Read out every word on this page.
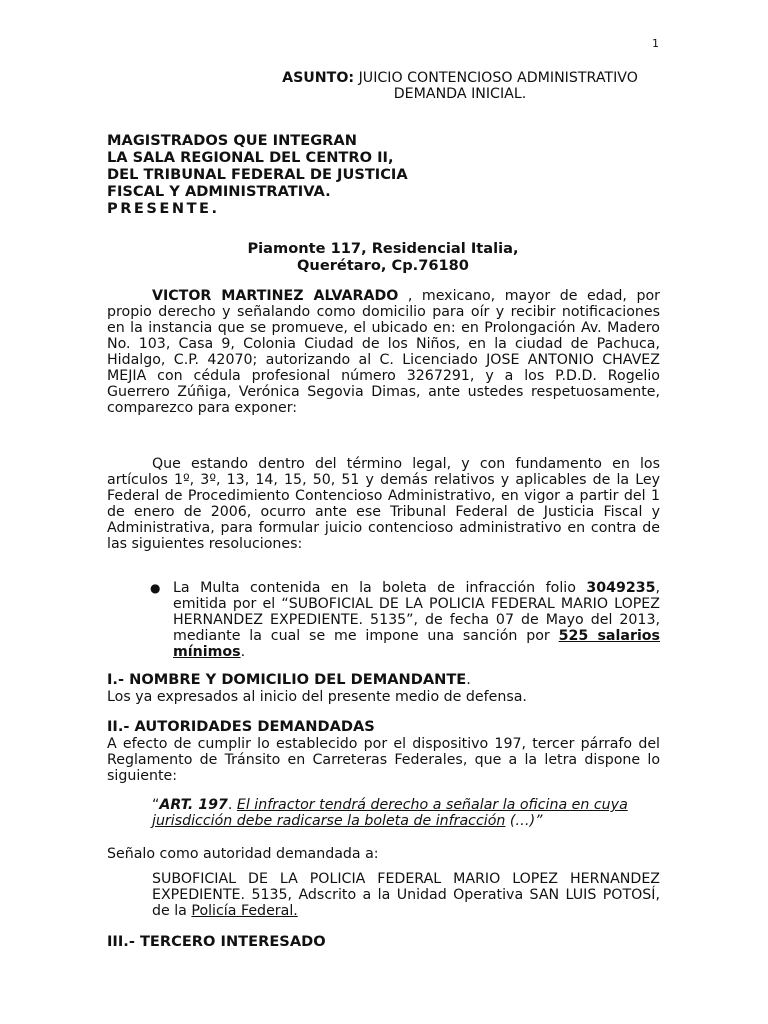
1
ASUNTO: JUICIO CONTENCIOSO ADMINISTRATIVO
DEMANDA INICIAL.
MAGISTRADOS QUE INTEGRAN
LA SALA REGIONAL DEL CENTRO II,
DEL TRIBUNAL FEDERAL DE JUSTICIA
FISCAL Y ADMINISTRATIVA.
PRESENTE.
Piamonte 117, Residencial Italia,
Querétaro, Cp.76180
VICTOR MARTINEZ ALVARADO , mexicano, mayor de edad, por propio derecho y señalando como domicilio para oír y recibir notificaciones en la instancia que se promueve, el ubicado en: en Prolongación Av. Madero No. 103, Casa 9, Colonia Ciudad de los Niños, en la ciudad de Pachuca, Hidalgo, C.P. 42070; autorizando al C. Licenciado JOSE ANTONIO CHAVEZ MEJIA con cédula profesional número 3267291, y a los P.D.D. Rogelio Guerrero Zúñiga, Verónica Segovia Dimas, ante ustedes respetuosamente, comparezco para exponer:
Que estando dentro del término legal, y con fundamento en los artículos 1º, 3º, 13, 14, 15, 50, 51 y demás relativos y aplicables de la Ley Federal de Procedimiento Contencioso Administrativo, en vigor a partir del 1 de enero de 2006, ocurro ante ese Tribunal Federal de Justicia Fiscal y Administrativa, para formular juicio contencioso administrativo en contra de las siguientes resoluciones:
● La Multa contenida en la boleta de infracción folio 3049235, emitida por el “SUBOFICIAL DE LA POLICIA FEDERAL MARIO LOPEZ HERNANDEZ EXPEDIENTE. 5135”, de fecha 07 de Mayo del 2013, mediante la cual se me impone una sanción por 525 salarios mínimos.
I.- NOMBRE Y DOMICILIO DEL DEMANDANTE.
Los ya expresados al inicio del presente medio de defensa.
II.- AUTORIDADES DEMANDADAS
A efecto de cumplir lo establecido por el dispositivo 197, tercer párrafo del Reglamento de Tránsito en Carreteras Federales, que a la letra dispone lo siguiente:
“ART. 197. El infractor tendrá derecho a señalar la oficina en cuya jurisdicción debe radicarse la boleta de infracción (…)”
Señalo como autoridad demandada a:
SUBOFICIAL DE LA POLICIA FEDERAL MARIO LOPEZ HERNANDEZ EXPEDIENTE. 5135, Adscrito a la Unidad Operativa SAN LUIS POTOSÍ, de la Policía Federal.
III.- TERCERO INTERESADO
